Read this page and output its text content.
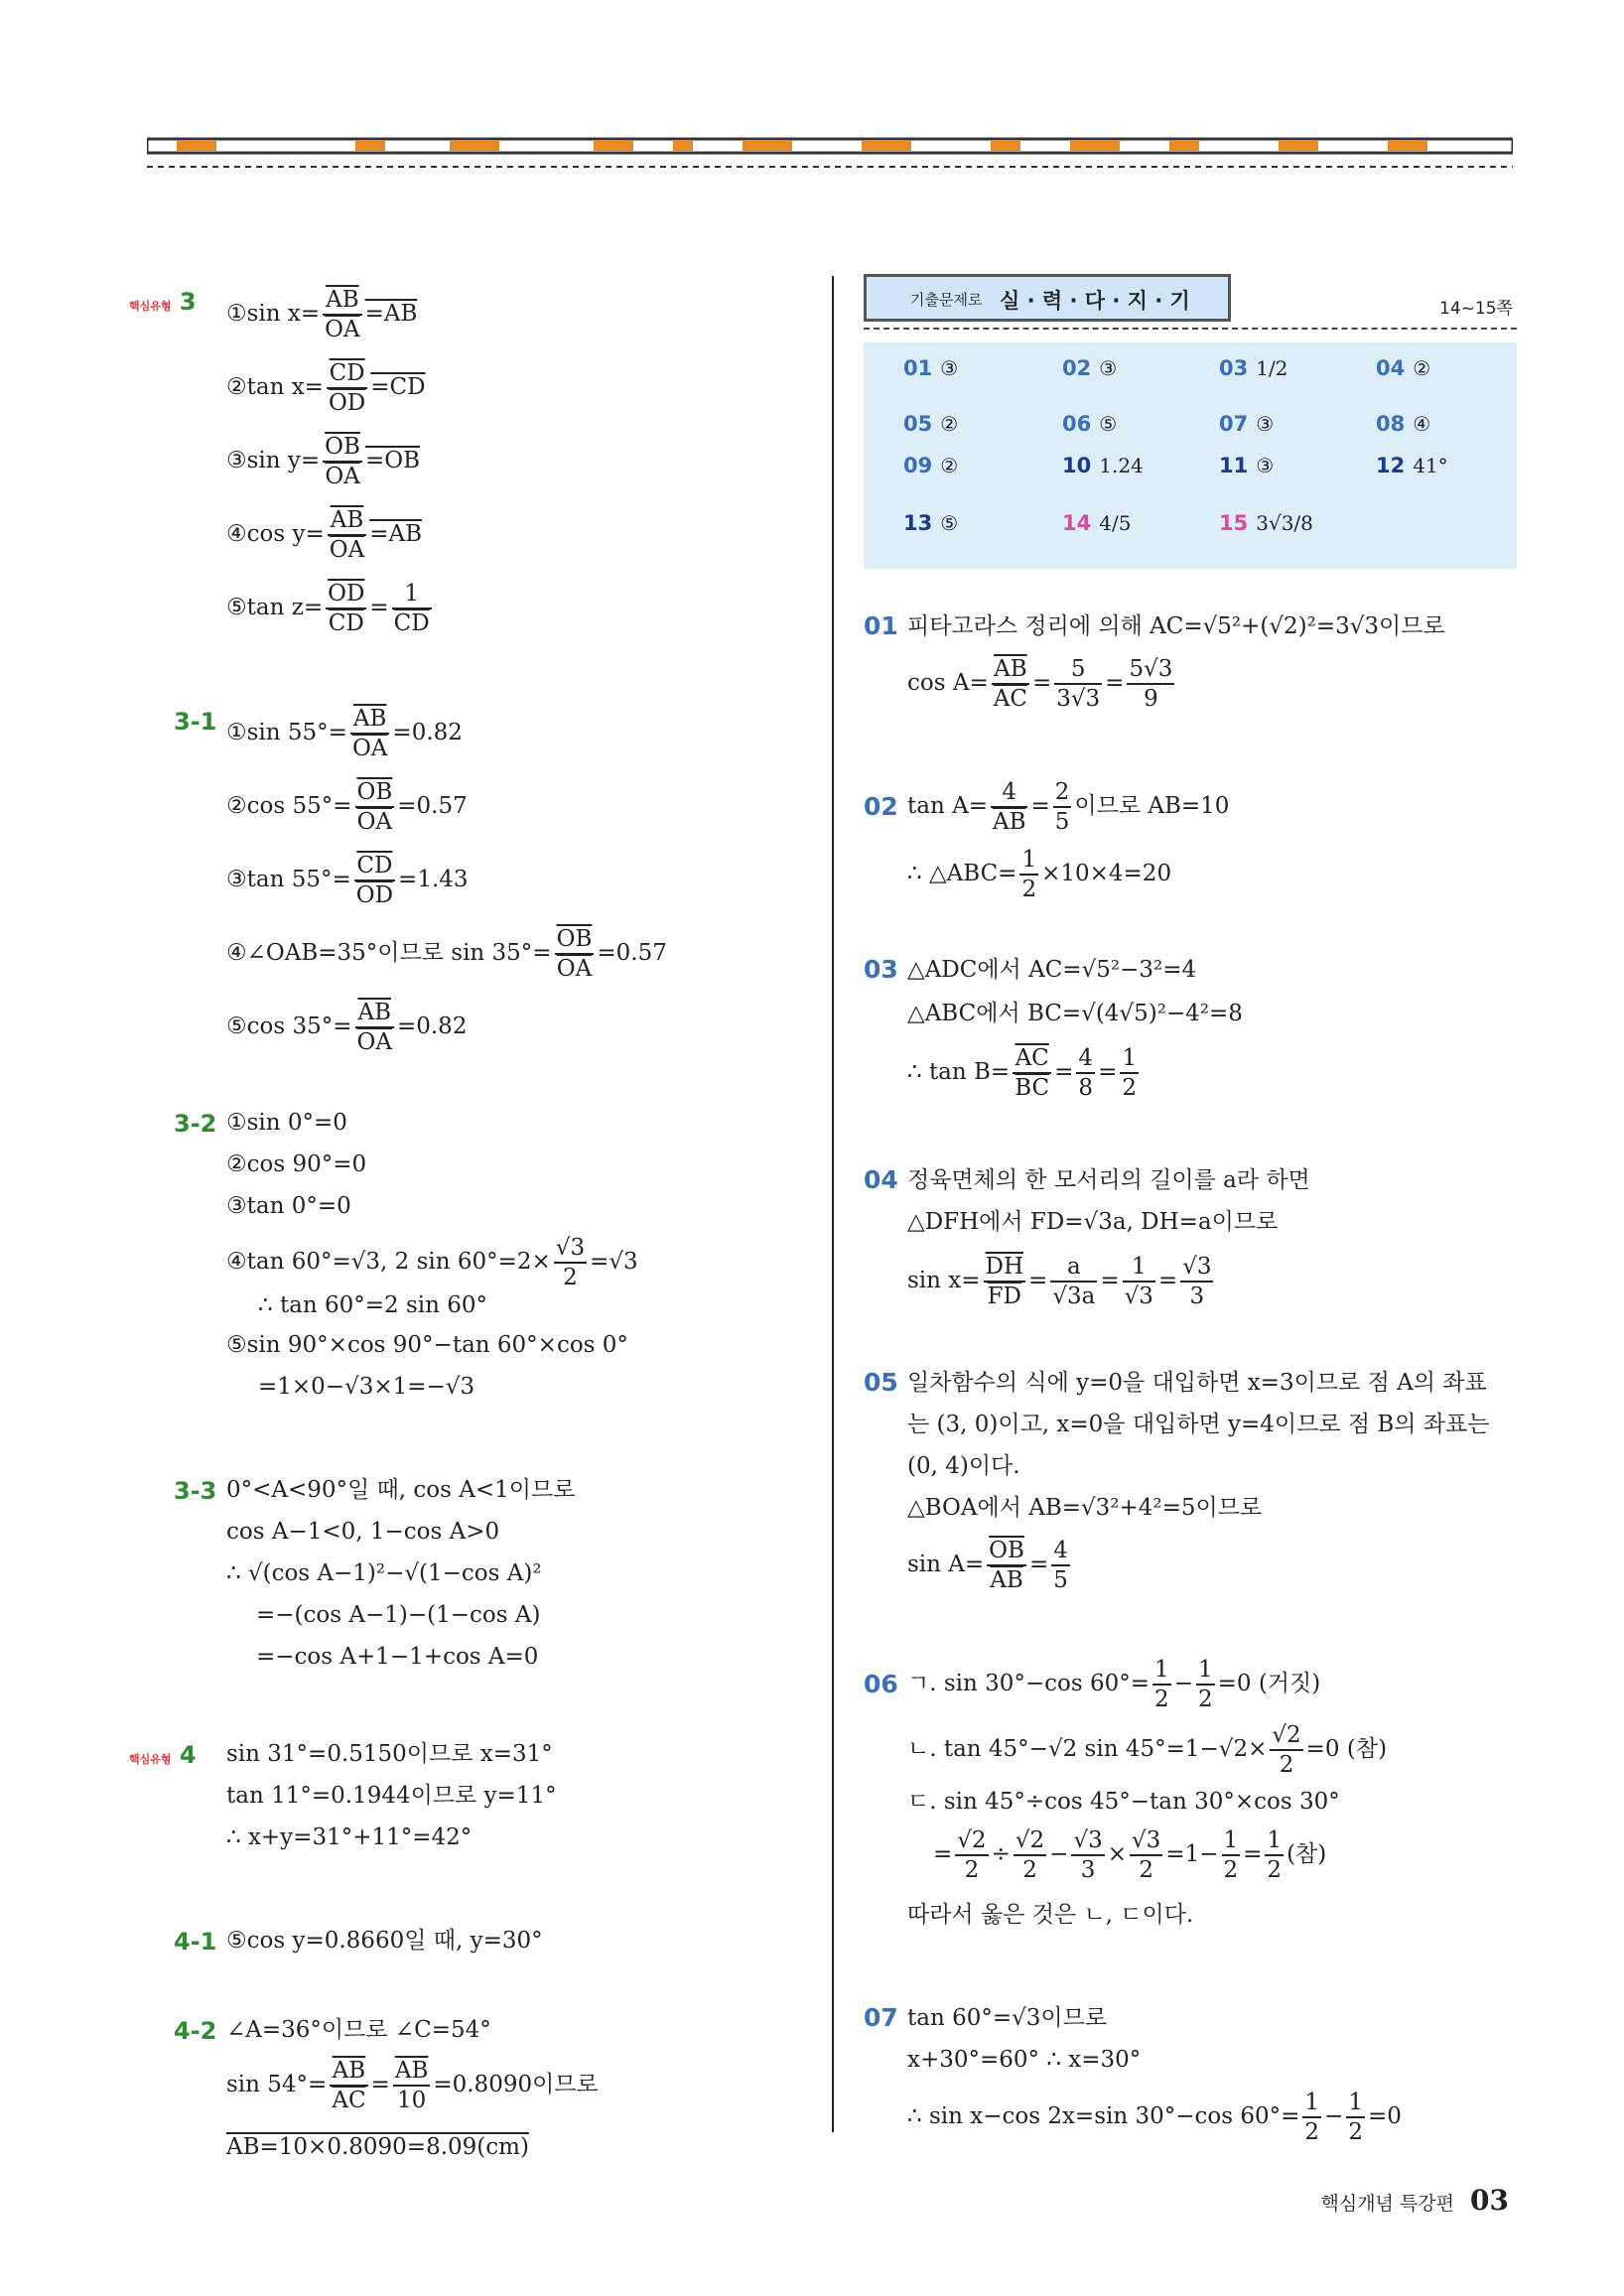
핵심유형 3 ①sin $x= \frac{\overline{AB}}{OA} =AB$
②tan $x= \frac{\overline{CD}}{OD} =CD$
③sin $y= \frac{\overline{OB}}{OA} =OB$
④cos $y= \frac{\overline{AB}}{OA} =AB$
⑤tan $z= \frac{\overline{OD}}{CD} = \frac{1}{CD}$
3-1 ①sin $55^\circ= \frac{\overline{AB}}{OA} =0.82$
②cos $55^\circ= \frac{\overline{OB}}{OA} =0.57$
③tan $55^\circ= \frac{\overline{CD}}{OD} =1.43$
④∠OAB=35°이므로 $\sin 35^\circ= \frac{\overline{OB}}{OA} =0.57$
⑤cos $35^\circ= \frac{\overline{AB}}{OA} =0.82$
3-2 ①sin 0°=0
②cos 90°=0
③tan 0°=0
④tan 60°=√3, 2 $\sin 60^\circ=2\times \frac{√3}{2} =√3$
∴ tan 60°=2 sin 60°
⑤sin 90°×cos 90°−tan 60°×cos 0°
=1×0−√3×1=−√3
3-3 0°<A<90°일 때, cos A<1이므로
cos A−1<0, 1−cos A>0
∴ √(cos A−1)²−√(1−cos A)²
=−(cos A−1)−(1−cos A)
=−cos A+1−1+cos A=0
핵심유형 4 sin 31°=0.5150이므로 x=31°
tan 11°=0.1944이므로 y=11°
∴ x+y=31°+11°=42°
4-1 ⑤cos y=0.8660일 때, y=30°
4-2 ∠A=36°이므로 ∠C=54°
$\sin 54^\circ= \frac{\overline{AB}}{AC} = \frac{\overline{AB}}{10} =0.8090$이므로
AB=10×0.8090=8.09(cm)
기출문제로 실 · 력 · 다 · 지 · 기	14~15쪽
01 ③	02 ③	03 1/2	04 ②
05 ②	06 ⑤	07 ③	08 ④
09 ②	10 1.24	11 ③	12 41°
13 ⑤	14 4/5	15 3√3/8
01 피타고라스 정리에 의해 AC=√5²+(√2)²=3√3이므로
$\cos A= \frac{\overline{AB}}{AC} = \frac{5}{3√3} = \frac{5√3}{9}$
02 $\tan A= \frac{4}{AB} = \frac{2}{5}$ 이므로 AB=10
∴ △ABC= $\frac{1}{2} \times 10\times 4=20$
03 △ADC에서 AC=√5²−3²=4
△ABC에서 BC=√(4√5)²−4²=8
∴ $\tan B= \frac{\overline{AC}}{BC} = \frac{4}{8} = \frac{1}{2}$
04 정육면체의 한 모서리의 길이를 a라 하면
△DFH에서 FD=√3a, DH=a이므로
$\sin x= \frac{\overline{DH}}{FD} = \frac{a}{√3a} = \frac{1}{√3} = \frac{√3}{3}$
05 일차함수의 식에 y=0을 대입하면 x=3이므로 점 A의 좌표
는 (3, 0)이고, x=0을 대입하면 y=4이므로 점 B의 좌표는
(0, 4)이다.
△BOA에서 AB=√3²+4²=5이므로
$\sin A= \frac{\overline{OB}}{AB} = \frac{4}{5}$
06 ㄱ. sin 30°−cos $60^\circ= \frac{1}{2} - \frac{1}{2} =0$ (거짓)
ㄴ. tan 45°−√2 $\sin 45^\circ=1-√2\times \frac{√2}{2} =0$ (참)
ㄷ. sin 45°÷cos 45°−tan 30°×cos 30°
= $\frac{√2}{2} \div \frac{√2}{2} - \frac{√3}{3} \times \frac{√3}{2} =1- \frac{1}{2} = \frac{1}{2}$ (참)
따라서 옳은 것은 ㄴ, ㄷ이다.
07 tan 60°=√3이므로
x+30°=60° ∴ x=30°
∴ sin x−cos 2x=sin 30°−cos $60^\circ= \frac{1}{2} - \frac{1}{2} =0$
핵심개념 특강편 03
